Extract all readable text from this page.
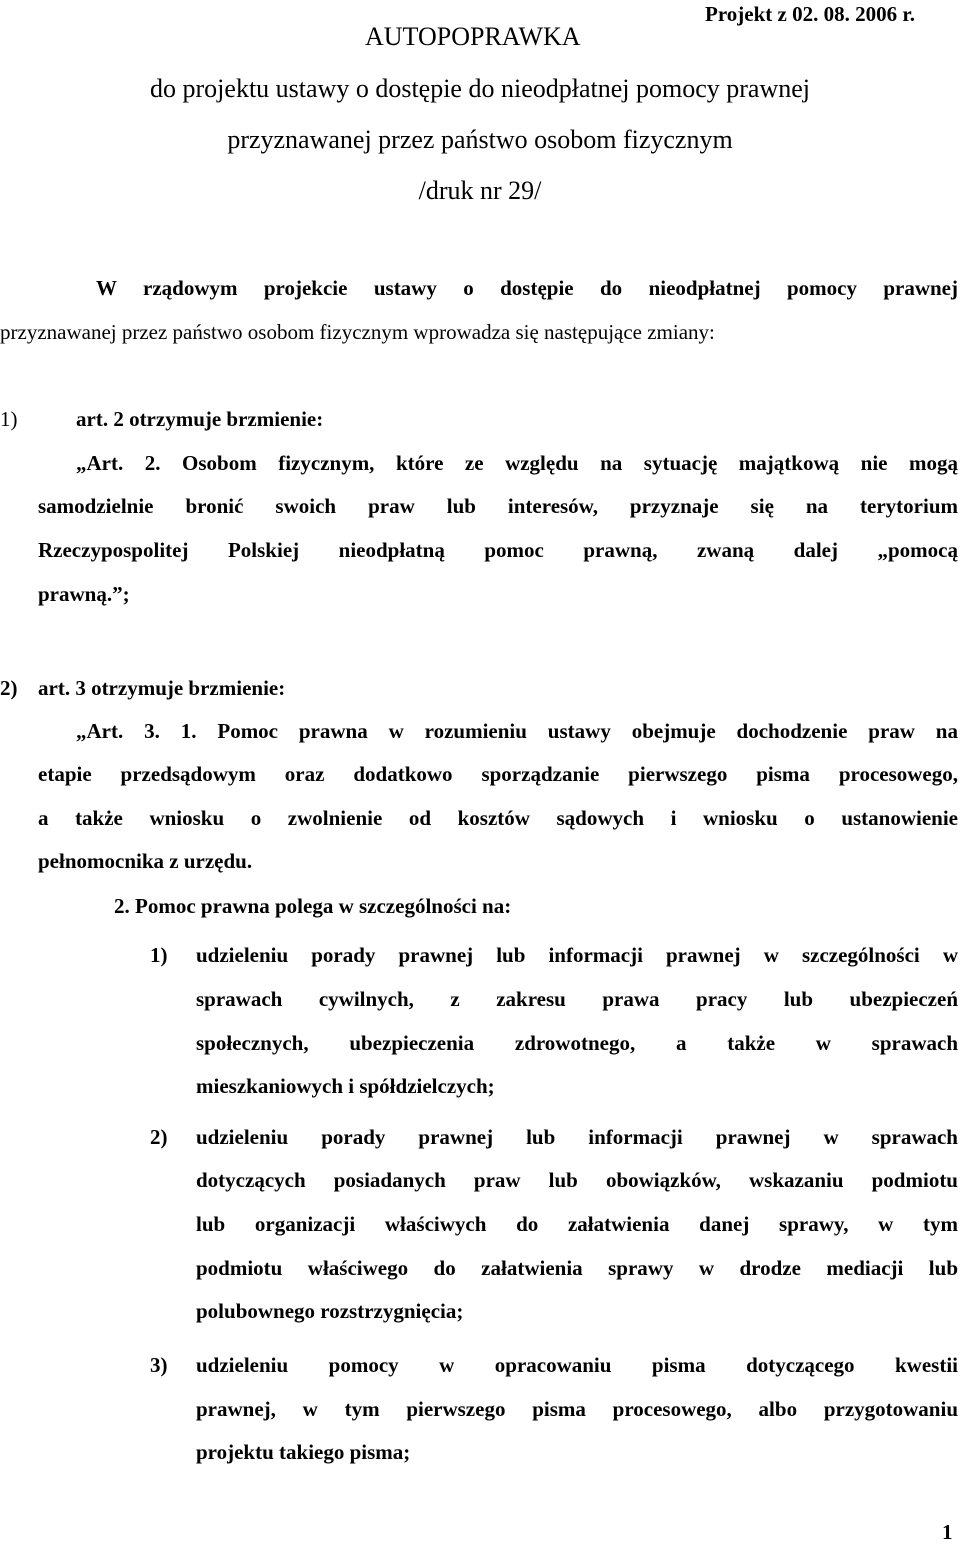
AUTOPOPRAWKA
Projekt z 02. 08. 2006 r.
do projektu ustawy o dostępie do nieodpłatnej pomocy prawnej
przyznawanej przez państwo osobom fizycznym
/druk nr 29/
W rządowym projekcie ustawy o dostępie do nieodpłatnej pomocy prawnej
przyznawanej przez państwo osobom fizycznym wprowadza się następujące zmiany:
1)	art. 2 otrzymuje brzmienie:
„Art. 2. Osobom fizycznym, które ze względu na sytuację majątkową nie mogą
samodzielnie bronić swoich praw lub interesów, przyznaje się na terytorium
Rzeczypospolitej Polskiej nieodpłatną pomoc prawną, zwaną dalej „pomocą
prawną.”;
2) art. 3 otrzymuje brzmienie:
„Art. 3. 1. Pomoc prawna w rozumieniu ustawy obejmuje dochodzenie praw na
etapie przedsądowym oraz dodatkowo sporządzanie pierwszego pisma procesowego,
a także wniosku o zwolnienie od kosztów sądowych i wniosku o ustanowienie
pełnomocnika z urzędu.
2. Pomoc prawna polega w szczególności na:
1) udzieleniu porady prawnej lub informacji prawnej w szczególności w
sprawach cywilnych, z zakresu prawa pracy lub ubezpieczeń
społecznych, ubezpieczenia zdrowotnego, a także w sprawach
mieszkaniowych i spółdzielczych;
2) udzieleniu porady prawnej lub informacji prawnej w sprawach
dotyczących posiadanych praw lub obowiązków, wskazaniu podmiotu
lub organizacji właściwych do załatwienia danej sprawy, w tym
podmiotu właściwego do załatwienia sprawy w drodze mediacji lub
polubownego rozstrzygnięcia;
3) udzieleniu pomocy w opracowaniu pisma dotyczącego kwestii
prawnej, w tym pierwszego pisma procesowego, albo przygotowaniu
projektu takiego pisma;
1
